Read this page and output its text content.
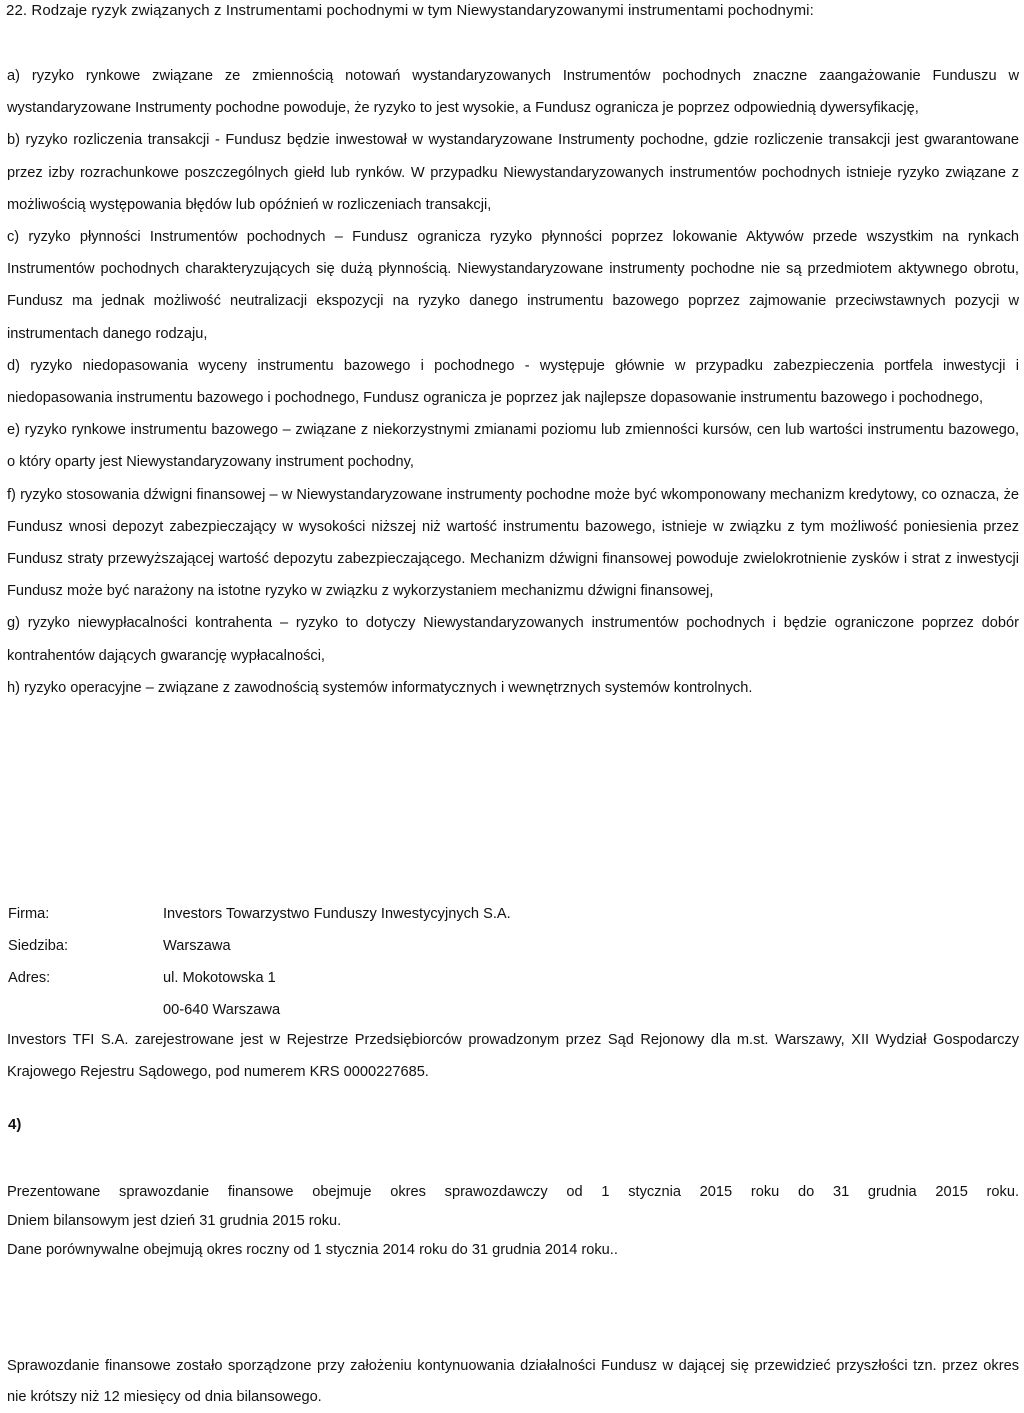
22. Rodzaje ryzyk związanych z Instrumentami pochodnymi w tym Niewystandaryzowanymi instrumentami pochodnymi:

a) ryzyko rynkowe związane ze zmiennością notowań wystandaryzowanych Instrumentów pochodnych znaczne zaangażowanie Funduszu w wystandaryzowane Instrumenty pochodne powoduje, że ryzyko to jest wysokie, a Fundusz ogranicza je poprzez odpowiednią dywersyfikację,

b) ryzyko rozliczenia transakcji - Fundusz będzie inwestował w wystandaryzowane Instrumenty pochodne, gdzie rozliczenie transakcji jest gwarantowane przez izby rozrachunkowe poszczególnych giełd lub rynków. W przypadku Niewystandaryzowanych instrumentów pochodnych istnieje ryzyko związane z możliwością występowania błędów lub opóźnień w rozliczeniach transakcji,

c) ryzyko płynności Instrumentów pochodnych – Fundusz ogranicza ryzyko płynności poprzez lokowanie Aktywów przede wszystkim na rynkach Instrumentów pochodnych charakteryzujących się dużą płynnością. Niewystandaryzowane instrumenty pochodne nie są przedmiotem aktywnego obrotu, Fundusz ma jednak możliwość neutralizacji ekspozycji na ryzyko danego instrumentu bazowego poprzez zajmowanie przeciwstawnych pozycji w instrumentach danego rodzaju,

d) ryzyko niedopasowania wyceny instrumentu bazowego i pochodnego - występuje głównie w przypadku zabezpieczenia portfela inwestycji i niedopasowania instrumentu bazowego i pochodnego, Fundusz ogranicza je poprzez jak najlepsze dopasowanie instrumentu bazowego i pochodnego,

e) ryzyko rynkowe instrumentu bazowego – związane z niekorzystnymi zmianami poziomu lub zmienności kursów, cen lub wartości instrumentu bazowego, o który oparty jest Niewystandaryzowany instrument pochodny,

f) ryzyko stosowania dźwigni finansowej – w Niewystandaryzowane instrumenty pochodne może być wkomponowany mechanizm kredytowy, co oznacza, że Fundusz wnosi depozyt zabezpieczający w wysokości niższej niż wartość instrumentu bazowego, istnieje w związku z tym możliwość poniesienia przez Fundusz straty przewyższającej wartość depozytu zabezpieczającego. Mechanizm dźwigni finansowej powoduje zwielokrotnienie zysków i strat z inwestycji Fundusz może być narażony na istotne ryzyko w związku z wykorzystaniem mechanizmu dźwigni finansowej,

g) ryzyko niewypłacalności kontrahenta – ryzyko to dotyczy Niewystandaryzowanych instrumentów pochodnych i będzie ograniczone poprzez dobór kontrahentów dających gwarancję wypłacalności,

h) ryzyko operacyjne – związane z zawodnością systemów informatycznych i wewnętrznych systemów kontrolnych.

Firma:	Investors Towarzystwo Funduszy Inwestycyjnych S.A.
Siedziba:	Warszawa
Adres:	ul. Mokotowska 1
00-640 Warszawa

Investors TFI S.A. zarejestrowane jest w Rejestrze Przedsiębiorców prowadzonym przez Sąd Rejonowy dla m.st. Warszawy, XII Wydział Gospodarczy Krajowego Rejestru Sądowego, pod numerem KRS 0000227685.

4)

Prezentowane sprawozdanie finansowe obejmuje okres sprawozdawczy od 1 stycznia 2015 roku do 31 grudnia 2015 roku.

Dniem bilansowym jest dzień 31 grudnia 2015 roku.

Dane porównywalne obejmują okres roczny od 1 stycznia 2014 roku do 31 grudnia 2014 roku..

Sprawozdanie finansowe zostało sporządzone przy założeniu kontynuowania działalności Fundusz w dającej się przewidzieć przyszłości tzn. przez okres nie krótszy niż 12 miesięcy od dnia bilansowego.
